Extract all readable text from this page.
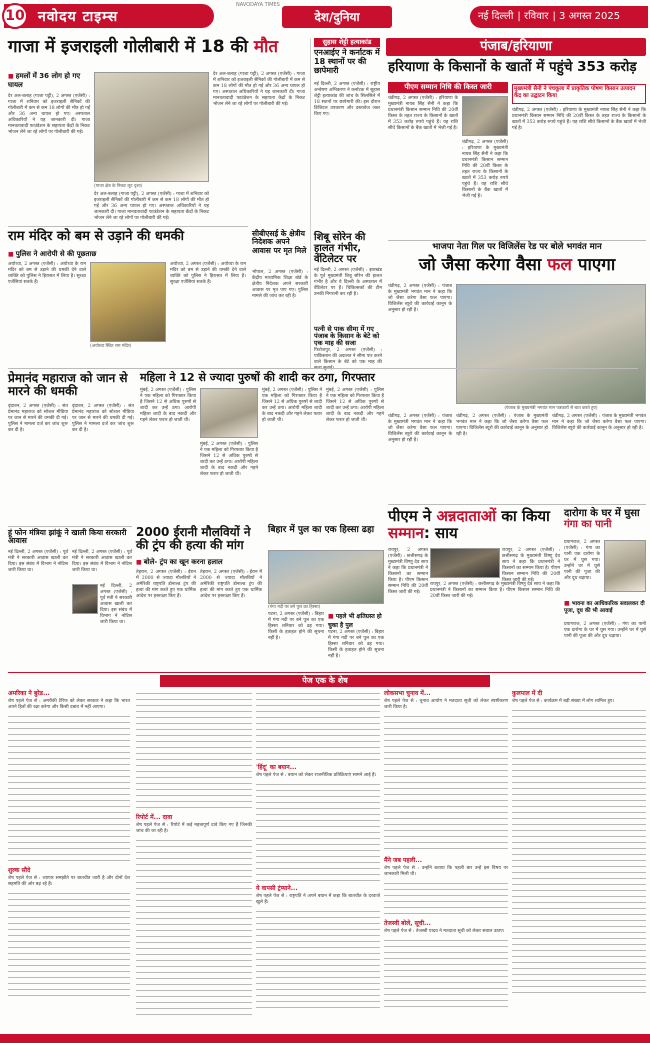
10 नवोदय टाइम्स
NAVODAYA TIMES
देश/दुनिया	नई दिल्ली | रविवार | 3 अगस्त 2025
गाजा में इजराइली गोलीबारी में 18 की मौत
■ हमलों में 36 लोग हो गए घायल
देर अल-बलाह (गाजा पट्टी), 2 अगस्त (एजेंसी) : गाजा में शनिवार को इजराइली सैनिकों की गोलीबारी में कम से कम 18 लोगों की मौत हो गई और 36 अन्य घायल हो गए। अस्पताल अधिकारियों ने यह जानकारी दी। गाजा मानवतावादी फाउंडेशन के सहायता केंद्रों के निकट भोजन लेने जा रहे लोगों पर गोलीबारी की गई।
(गाजा क्षेत्र के निकट लूट दृश्य)
देर अल-बलाह (गाजा पट्टी), 2 अगस्त (एजेंसी) : गाजा में शनिवार को इजराइली सैनिकों की गोलीबारी में कम से कम 18 लोगों की मौत हो गई और 36 अन्य घायल हो गए। अस्पताल अधिकारियों ने यह जानकारी दी। गाजा मानवतावादी फाउंडेशन के सहायता केंद्रों के निकट भोजन लेने जा रहे लोगों पर गोलीबारी की गई।
देर अल-बलाह (गाजा पट्टी), 2 अगस्त (एजेंसी) : गाजा में शनिवार को इजराइली सैनिकों की गोलीबारी में कम से कम 18 लोगों की मौत हो गई और 36 अन्य घायल हो गए। अस्पताल अधिकारियों ने यह जानकारी दी। गाजा मानवतावादी फाउंडेशन के सहायता केंद्रों के निकट भोजन लेने जा रहे लोगों पर गोलीबारी की गई।
राम मंदिर को बम से उड़ाने की धमकी
■ पुलिस ने आरोपी से की पूछताछ
अयोध्या, 2 अगस्त (एजेंसी) : अयोध्या के राम मंदिर को बम से उड़ाने की धमकी देने वाले व्यक्ति को पुलिस ने हिरासत में लिया है। सुरक्षा एजेंसियां सतर्क हैं।
(अयोध्या स्थित राम मंदिर)
अयोध्या, 2 अगस्त (एजेंसी) : अयोध्या के राम मंदिर को बम से उड़ाने की धमकी देने वाले व्यक्ति को पुलिस ने हिरासत में लिया है। सुरक्षा एजेंसियां सतर्क हैं।
सीबीएसई के क्षेत्रीय निदेशक अपने आवास पर मृत मिले
भोपाल, 2 अगस्त (एजेंसी) : केंद्रीय माध्यमिक शिक्षा बोर्ड के क्षेत्रीय निदेशक अपने सरकारी आवास पर मृत पाए गए। पुलिस मामले की जांच कर रही है।
सुहास शेट्टी हत्याकांड
एनआईए ने कर्नाटक में 18 स्थानों पर की छापेमारी
नई दिल्ली, 2 अगस्त (एजेंसी) : राष्ट्रीय अन्वेषण अभिकरण ने कर्नाटक में सुहास शेट्टी हत्याकांड की जांच के सिलसिले में 18 स्थानों पर छापेमारी की। इस दौरान डिजिटल उपकरण और दस्तावेज जब्त किए गए।
शिबू सोरेन की हालत गंभीर, वेंटिलेटर पर
नई दिल्ली, 2 अगस्त (एजेंसी) : झारखंड के पूर्व मुख्यमंत्री शिबू सोरेन की हालत गंभीर है और वे दिल्ली के अस्पताल में वेंटिलेटर पर हैं। चिकित्सकों की टीम उनकी निगरानी कर रही है।
पत्नी से पाक सीमा में गए पंजाब के किसान के बेटे को एक माह की सजा
फिरोजपुर, 2 अगस्त (एजेंसी) : पाकिस्तान की अदालत ने सीमा पार करने वाले किसान के बेटे को एक माह की
पंजाब/हरियाणा
हरियाणा के किसानों के खातों में पहुंचे 353 करोड़
पीएम सम्मान निधि की किस्त जारी
चंडीगढ़, 2 अगस्त (एजेंसी) : हरियाणा के मुख्यमंत्री नायब सिंह सैनी ने कहा कि प्रधानमंत्री किसान सम्मान निधि की 20वीं किस्त के तहत राज्य के किसानों के खातों में 353 करोड़ रुपये पहुंचे हैं। यह राशि सीधे किसानों के बैंक खातों में भेजी गई है।
चंडीगढ़, 2 अगस्त (एजेंसी) : हरियाणा के मुख्यमंत्री नायब सिंह सैनी ने कहा कि प्रधानमंत्री किसान सम्मान निधि की 20वीं किस्त के तहत राज्य के किसानों के खातों में 353 करोड़ रुपये पहुंचे हैं। यह राशि सीधे किसानों के बैंक खातों में भेजी गई है।
मुख्यमंत्री सैनी ने पंचकूला में प्राकृतिक पोषण किसान उत्पादन केंद्र का उद्घाटन किया
चंडीगढ़, 2 अगस्त (एजेंसी) : हरियाणा के मुख्यमंत्री नायब सिंह सैनी ने कहा कि प्रधानमंत्री किसान सम्मान निधि की 20वीं किस्त के तहत राज्य के किसानों के खातों में 353 करोड़ रुपये पहुंचे हैं। यह राशि सीधे किसानों के बैंक खातों में भेजी गई है।
भाजपा नेता गिल पर विजिलेंस रेड पर बोले भगवंत मान
जो जैसा करेगा वैसा फल पाएगा
चंडीगढ़, 2 अगस्त (एजेंसी) : पंजाब के मुख्यमंत्री भगवंत मान ने कहा कि जो जैसा करेगा वैसा फल पाएगा। विजिलेंस ब्यूरो की कार्रवाई कानून के अनुसार हो रही है।
(पंजाब के मुख्यमंत्री भगवंत मान पत्रकारों से बात करते हुए)
चंडीगढ़, 2 अगस्त (एजेंसी) : पंजाब के मुख्यमंत्री भगवंत मान ने कहा कि जो जैसा करेगा वैसा फल पाएगा। विजिलेंस ब्यूरो की कार्रवाई कानून के अनुसार हो रही है।
चंडीगढ़, 2 अगस्त (एजेंसी) : पंजाब के मुख्यमंत्री भगवंत मान ने कहा कि जो जैसा करेगा वैसा फल पाएगा। विजिलेंस ब्यूरो की कार्रवाई कानून के अनुसार हो रही है।
चंडीगढ़, 2 अगस्त (एजेंसी) : पंजाब के मुख्यमंत्री भगवंत मान ने कहा कि जो जैसा करेगा वैसा फल पाएगा। विजिलेंस ब्यूरो की कार्रवाई कानून के अनुसार हो रही है।
प्रेमानंद महाराज को जान से मारने की धमकी
वृंदावन, 2 अगस्त (एजेंसी) : संत प्रेमानंद महाराज को सोशल मीडिया पर जान से मारने की धमकी दी गई। पुलिस ने मामला दर्ज कर जांच शुरू कर दी है।
वृंदावन, 2 अगस्त (एजेंसी) : संत प्रेमानंद महाराज को सोशल मीडिया पर जान से मारने की धमकी दी गई। पुलिस ने मामला दर्ज कर जांच शुरू कर दी है।
महिला ने 12 से ज्यादा पुरुषों की शादी कर ठगा, गिरफ्तार
मुंबई, 2 अगस्त (एजेंसी) : पुलिस ने एक महिला को गिरफ्तार किया है जिसने 12 से अधिक पुरुषों से शादी कर उन्हें ठगा। आरोपी महिला शादी के बाद नकदी और गहने लेकर फरार हो जाती थी।
मुंबई, 2 अगस्त (एजेंसी) : पुलिस ने एक महिला को गिरफ्तार किया है जिसने 12 से अधिक पुरुषों से शादी कर उन्हें ठगा। आरोपी महिला शादी के बाद नकदी और गहने लेकर फरार हो जाती थी।
मुंबई, 2 अगस्त (एजेंसी) : पुलिस ने एक महिला को गिरफ्तार किया है जिसने 12 से अधिक पुरुषों से शादी कर उन्हें ठगा। आरोपी महिला शादी के बाद नकदी और गहने लेकर फरार हो जाती थी।
मुंबई, 2 अगस्त (एजेंसी) : पुलिस ने एक महिला को गिरफ्तार किया है जिसने 12 से अधिक पुरुषों से शादी कर उन्हें ठगा। आरोपी महिला शादी के बाद नकदी और गहने लेकर फरार हो जाती थी।
हूं फोन मंत्रिया झांकूं ने खाली किया सरकारी आवास
नई दिल्ली, 2 अगस्त (एजेंसी) : पूर्व मंत्री ने सरकारी आवास खाली कर दिया। इस संबंध में विभाग ने नोटिस जारी किया था।
नई दिल्ली, 2 अगस्त (एजेंसी) : पूर्व मंत्री ने सरकारी आवास खाली कर दिया। इस संबंध में विभाग ने नोटिस जारी किया था।
नई दिल्ली, 2 अगस्त (एजेंसी) : पूर्व मंत्री ने सरकारी आवास खाली कर दिया। इस संबंध में विभाग ने नोटिस जारी किया था।
2000 ईरानी मौलवियों ने की ट्रंप की हत्या की मांग
■ बोले- ट्रंप का खून करना हलाल
तेहरान, 2 अगस्त (एजेंसी) : ईरान में 2000 से ज्यादा मौलवियों ने अमेरिकी राष्ट्रपति डोनाल्ड ट्रंप की हत्या की मांग करते हुए एक धार्मिक आदेश पर हस्ताक्षर किए हैं।
तेहरान, 2 अगस्त (एजेंसी) : ईरान में 2000 से ज्यादा मौलवियों ने अमेरिकी राष्ट्रपति डोनाल्ड ट्रंप की हत्या की मांग करते हुए एक धार्मिक आदेश पर हस्ताक्षर किए हैं।
बिहार में पुल का एक हिस्सा ढहा
(गंगा नदी पर बने पुल का हिस्सा)
पटना, 2 अगस्त (एजेंसी) : बिहार में गंगा नदी पर बने पुल का एक हिस्सा शनिवार को ढह गया। किसी के हताहत होने की सूचना नहीं है।
■ पहले भी क्षतिग्रस्त हो चुका है पुल
पटना, 2 अगस्त (एजेंसी) : बिहार में गंगा नदी पर बने पुल का एक हिस्सा शनिवार को ढह गया। किसी के हताहत होने की सूचना नहीं है।
पीएम ने अन्नदाताओं का किया सम्मान: साय
रायपुर, 2 अगस्त (एजेंसी) : छत्तीसगढ़ के मुख्यमंत्री विष्णु देव साय ने कहा कि प्रधानमंत्री ने किसानों का सम्मान किया है। पीएम किसान सम्मान निधि की 20वीं किस्त जारी की गई।
रायपुर, 2 अगस्त (एजेंसी) : छत्तीसगढ़ के मुख्यमंत्री विष्णु देव साय ने कहा कि प्रधानमंत्री ने किसानों का सम्मान किया है। पीएम किसान सम्मान निधि की 20वीं किस्त जारी की गई।
रायपुर, 2 अगस्त (एजेंसी) : छत्तीसगढ़ के मुख्यमंत्री विष्णु देव साय ने कहा कि प्रधानमंत्री ने किसानों का सम्मान किया है। पीएम किसान सम्मान निधि की 20वीं किस्त जारी की गई।
दारोगा के घर में घुसा गंगा का पानी
प्रयागराज, 2 अगस्त (एजेंसी) : गंगा का पानी एक दारोगा के घर में घुस गया। उन्होंने घर में घुसे पानी की पूजा की और दूध चढ़ाया।
■ भावना का आधिकारिक सवालकर दी पूजा, दूध की भी आवाई
प्रयागराज, 2 अगस्त (एजेंसी) : गंगा का पानी एक दारोगा के घर में घुस गया। उन्होंने घर में घुसे पानी की पूजा की और दूध चढ़ाया।
पेज एक के शेष
अमरिका ने बुरेड...
शेष पहले पेज से : अमरीकी टैरिफ को लेकर सरकार ने कहा कि भारत अपने हितों की रक्षा करेगा और किसी दबाव में नहीं आएगा।
शुल्क सौदे
शेष पहले पेज से : व्यापार समझौते पर बातचीत जारी है और दोनों देश सहमति की ओर बढ़ रहे हैं।
रिपोर्ट में... दावा
शेष पहले पेज से : रिपोर्ट में कई महत्वपूर्ण दावे किए गए हैं जिनकी जांच की जा रही है।
'हिंदू' का बयान...
शेष पहले पेज से : बयान को लेकर राजनीतिक प्रतिक्रियाएं सामने आई हैं।
ये वापसी ट्रंप्याने...
शेष पहले पेज से : राष्ट्रपति ने अपने बयान में कहा कि बातचीत के दरवाजे खुले हैं।
लोकसभा चुनाव में...
शेष पहले पेज से : चुनाव आयोग ने मतदाता सूची को लेकर स्पष्टीकरण जारी किया है।
मैंने जब पहली...
शेष पहले पेज से : उन्होंने बताया कि पहली बार उन्हें इस विषय पर जानकारी मिली थी।
तेजस्वी बोले, सूची...
शेष पहले पेज से : तेजस्वी यादव ने मतदाता सूची को लेकर सवाल उठाए।
कुलपाल में दी
शेष पहले पेज से : कार्यक्रम में बड़ी संख्या में लोग शामिल हुए।
